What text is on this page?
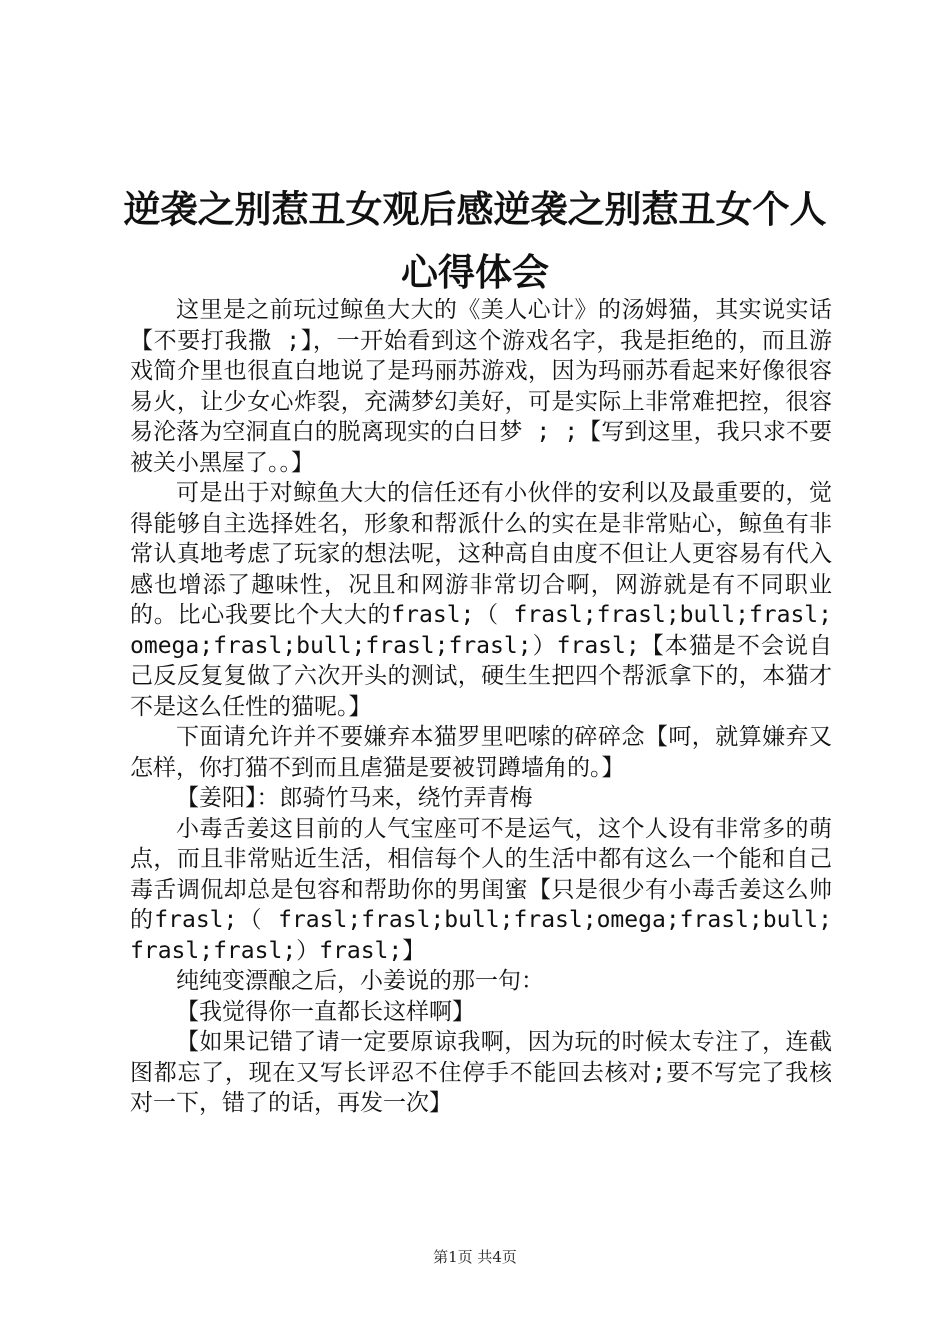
逆袭之别惹丑女观后感逆袭之别惹丑女个人心得体会

这里是之前玩过鲸鱼大大的《美人心计》的汤姆猫，其实说实话【不要打我撒 ;】，一开始看到这个游戏名字，我是拒绝的，而且游戏简介里也很直白地说了是玛丽苏游戏，因为玛丽苏看起来好像很容易火，让少女心炸裂，充满梦幻美好，可是实际上非常难把控，很容易沦落为空洞直白的脱离现实的白日梦 ; ;【写到这里，我只求不要被关小黑屋了。。】

可是出于对鲸鱼大大的信任还有小伙伴的安利以及最重要的，觉得能够自主选择姓名，形象和帮派什么的实在是非常贴心，鲸鱼有非常认真地考虑了玩家的想法呢，这种高自由度不但让人更容易有代入感也增添了趣味性，况且和网游非常切合啊，网游就是有不同职业的。比心我要比个大大的frasl;（ frasl;frasl;bull;frasl;omega;frasl;bull;frasl;frasl;）frasl;【本猫是不会说自己反反复复做了六次开头的测试，硬生生把四个帮派拿下的，本猫才不是这么任性的猫呢。】

下面请允许并不要嫌弃本猫罗里吧嗦的碎碎念【呵，就算嫌弃又怎样，你打猫不到而且虐猫是要被罚蹲墙角的。】

【姜阳】：郎骑竹马来，绕竹弄青梅

小毒舌姜这目前的人气宝座可不是运气，这个人设有非常多的萌点，而且非常贴近生活，相信每个人的生活中都有这么一个能和自己毒舌调侃却总是包容和帮助你的男闺蜜【只是很少有小毒舌姜这么帅的frasl;（ frasl;frasl;bull;frasl;omega;frasl;bull;frasl;frasl;）frasl;】

纯纯变漂酿之后，小姜说的那一句：

【我觉得你一直都长这样啊】

【如果记错了请一定要原谅我啊，因为玩的时候太专注了，连截图都忘了，现在又写长评忍不住停手不能回去核对;要不写完了我核对一下，错了的话，再发一次】

第1页 共4页
